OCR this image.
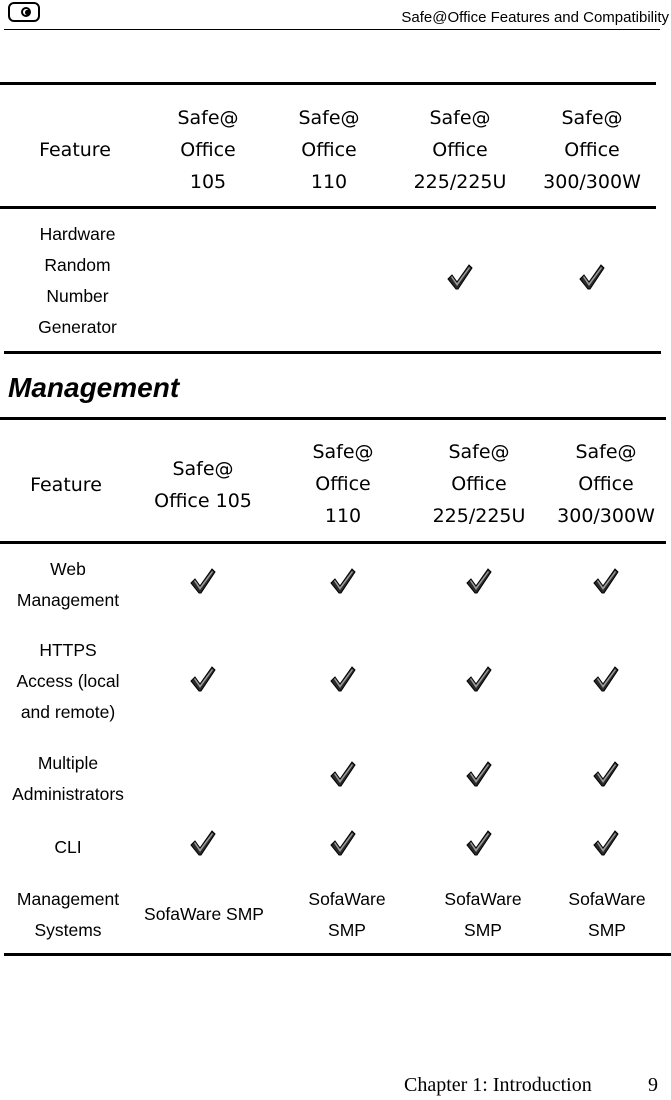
Safe@Office Features and Compatibility
Feature
Safe@
Office
105
Safe@
Office
110
Safe@
Office
225/225U
Safe@
Office
300/300W
Hardware
Random
Number
Generator
Management
Feature
Safe@
Office 105
Safe@
Office
110
Safe@
Office
225/225U
Safe@
Office
300/300W
Web
Management
HTTPS
Access (local
and remote)
Multiple
Administrators
CLI
Management
Systems
SofaWare SMP
SofaWare
SMP
SofaWare
SMP
SofaWare
SMP
Chapter 1: Introduction	9
